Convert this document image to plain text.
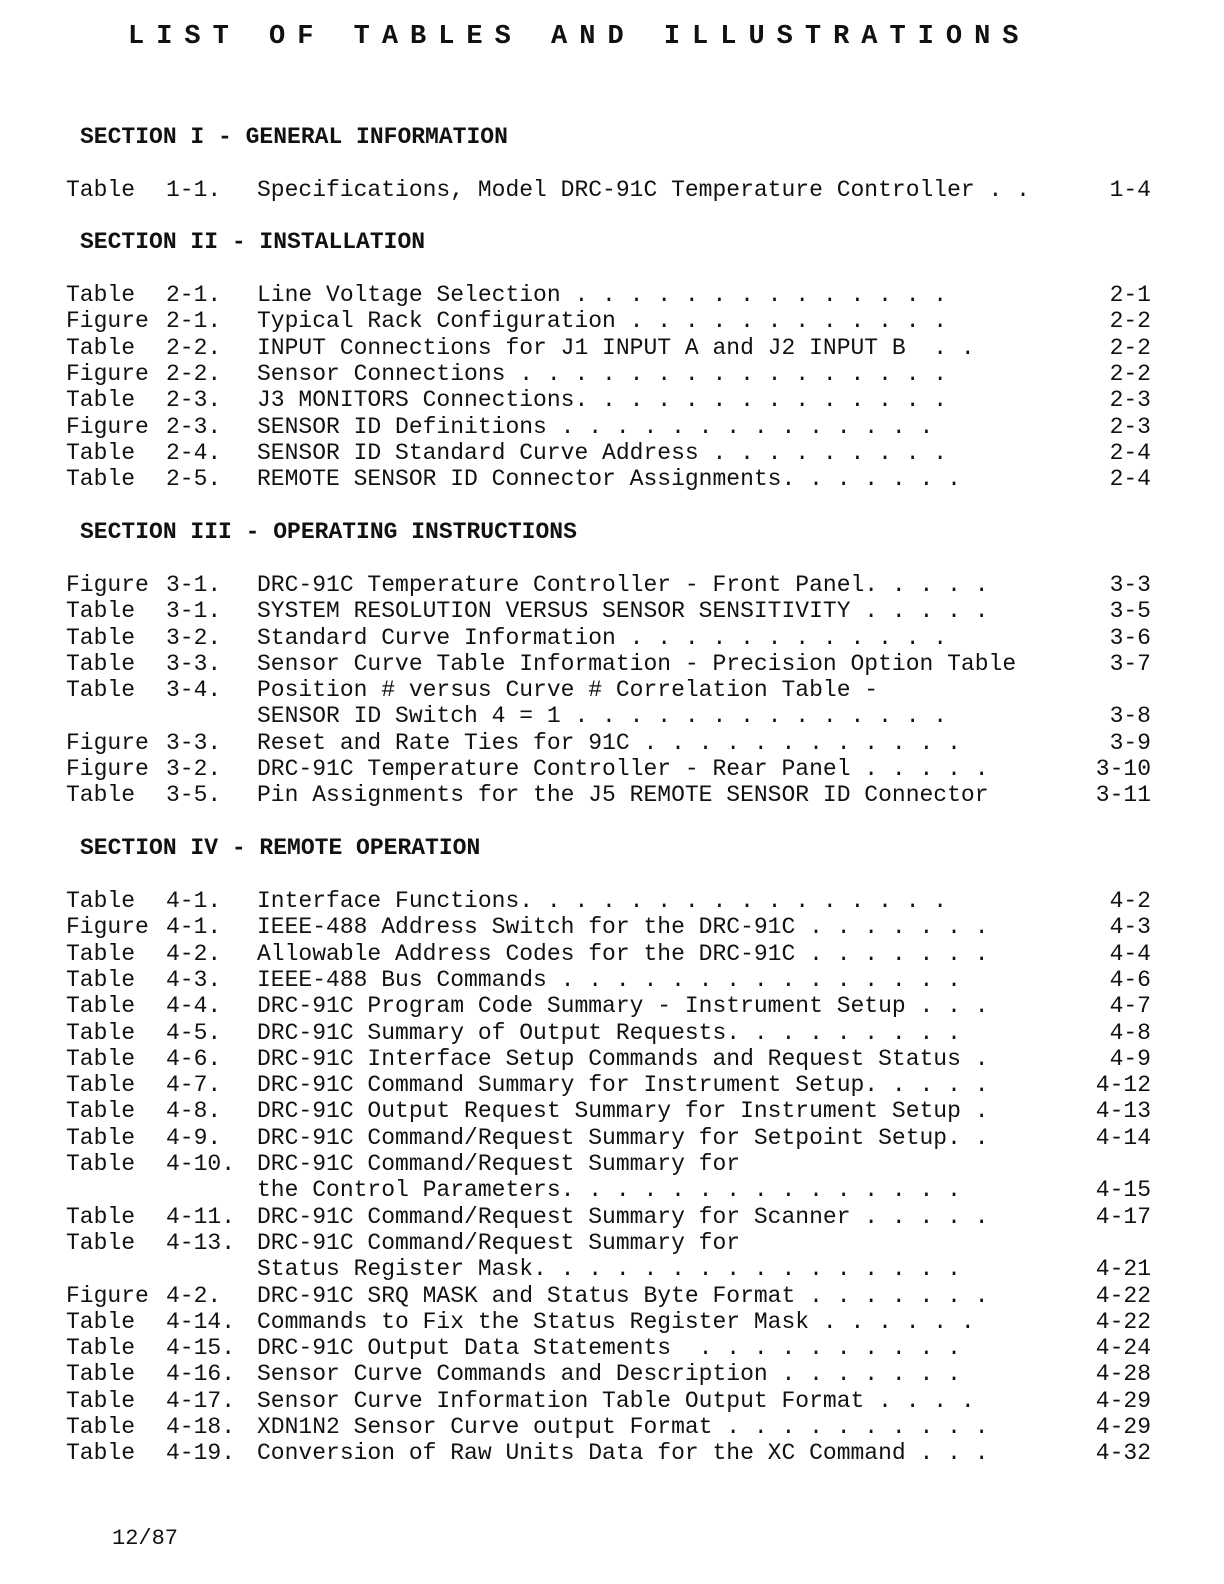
LIST OF TABLES AND ILLUSTRATIONS
SECTION I - GENERAL INFORMATION
Table 1-1. Specifications, Model DRC-91C Temperature Controller . .	1-4
SECTION II - INSTALLATION
Table 2-1. Line Voltage Selection . . . . . . . . . . . . . .	2-1
Figure 2-1. Typical Rack Configuration . . . . . . . . . . . .	2-2
Table 2-2. INPUT Connections for J1 INPUT A and J2 INPUT B  . .	2-2
Figure 2-2. Sensor Connections . . . . . . . . . . . . . . . .	2-2
Table 2-3. J3 MONITORS Connections. . . . . . . . . . . . . .	2-3
Figure 2-3. SENSOR ID Definitions . . . . . . . . . . . . . .	2-3
Table 2-4. SENSOR ID Standard Curve Address . . . . . . . . .	2-4
Table 2-5. REMOTE SENSOR ID Connector Assignments. . . . . . .	2-4
SECTION III - OPERATING INSTRUCTIONS
Figure 3-1. DRC-91C Temperature Controller - Front Panel. . . . .	3-3
Table 3-1. SYSTEM RESOLUTION VERSUS SENSOR SENSITIVITY . . . . .	3-5
Table 3-2. Standard Curve Information . . . . . . . . . . . .	3-6
Table 3-3. Sensor Curve Table Information - Precision Option Table	3-7
Table 3-4. Position # versus Curve # Correlation Table -
SENSOR ID Switch 4 = 1 . . . . . . . . . . . . . .	3-8
Figure 3-3. Reset and Rate Ties for 91C . . . . . . . . . . . .	3-9
Figure 3-2. DRC-91C Temperature Controller - Rear Panel . . . . .	3-10
Table 3-5. Pin Assignments for the J5 REMOTE SENSOR ID Connector	3-11
SECTION IV - REMOTE OPERATION
Table 4-1. Interface Functions. . . . . . . . . . . . . . . .	4-2
Figure 4-1. IEEE-488 Address Switch for the DRC-91C . . . . . . .	4-3
Table 4-2. Allowable Address Codes for the DRC-91C . . . . . . .	4-4
Table 4-3. IEEE-488 Bus Commands . . . . . . . . . . . . . . .	4-6
Table 4-4. DRC-91C Program Code Summary - Instrument Setup . . .	4-7
Table 4-5. DRC-91C Summary of Output Requests. . . . . . . . .	4-8
Table 4-6. DRC-91C Interface Setup Commands and Request Status .	4-9
Table 4-7. DRC-91C Command Summary for Instrument Setup. . . . .	4-12
Table 4-8. DRC-91C Output Request Summary for Instrument Setup .	4-13
Table 4-9. DRC-91C Command/Request Summary for Setpoint Setup. .	4-14
Table 4-10. DRC-91C Command/Request Summary for
the Control Parameters. . . . . . . . . . . . . . .	4-15
Table 4-11. DRC-91C Command/Request Summary for Scanner . . . . .	4-17
Table 4-13. DRC-91C Command/Request Summary for
Status Register Mask. . . . . . . . . . . . . . . .	4-21
Figure 4-2. DRC-91C SRQ MASK and Status Byte Format . . . . . . .	4-22
Table 4-14. Commands to Fix the Status Register Mask . . . . . .	4-22
Table 4-15. DRC-91C Output Data Statements  . . . . . . . . . .	4-24
Table 4-16. Sensor Curve Commands and Description . . . . . . .	4-28
Table 4-17. Sensor Curve Information Table Output Format . . . .	4-29
Table 4-18. XDN1N2 Sensor Curve output Format . . . . . . . . . .	4-29
Table 4-19. Conversion of Raw Units Data for the XC Command . . .	4-32
12/87
